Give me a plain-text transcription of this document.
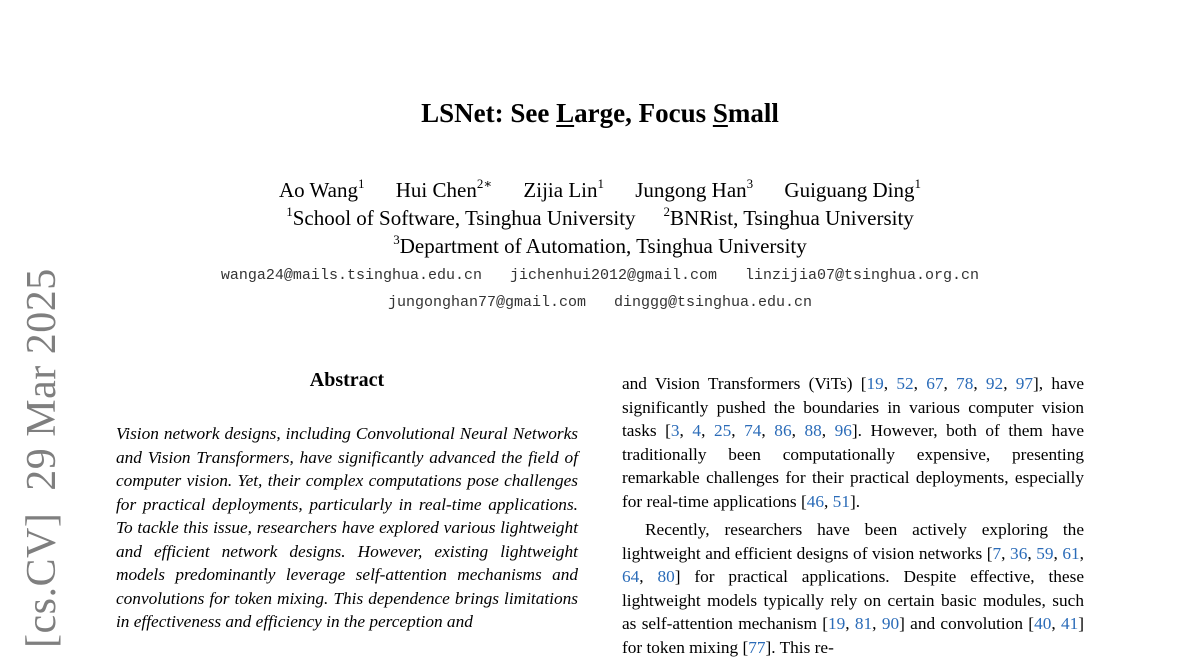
[cs.CV]29 Mar 2025
LSNet: See Large, Focus Small
Ao Wang$^1$ Hui Chen$^{2∗}$ Zijia Lin$^1$ Jungong Han$^3$ Guiguang Ding$^1$
$^1$School of Software, Tsinghua University $^2$BNRist, Tsinghua University
$^3$Department of Automation, Tsinghua University
wanga24@mails.tsinghua.edu.cn jichenhui2012@gmail.com linzijia07@tsinghua.org.cn
jungonghan77@gmail.com dinggg@tsinghua.edu.cn
Abstract
Vision network designs, including Convolutional Neural Networks and Vision Transformers, have significantly advanced the field of computer vision. Yet, their complex computations pose challenges for practical deployments, particularly in real-time applications. To tackle this issue, researchers have explored various lightweight and efficient network designs. However, existing lightweight models predominantly leverage self-attention mechanisms and convolutions for token mixing. This dependence brings limitations in effectiveness and efficiency in the perception and

and Vision Transformers (ViTs) [19, 52, 67, 78, 92, 97], have significantly pushed the boundaries in various computer vision tasks [3, 4, 25, 74, 86, 88, 96]. However, both of them have traditionally been computationally expensive, presenting remarkable challenges for their practical deployments, especially for real-time applications [46, 51].

Recently, researchers have been actively exploring the lightweight and efficient designs of vision networks [7, 36, 59, 61, 64, 80] for practical applications. Despite effective, these lightweight models typically rely on certain basic modules, such as self-attention mechanism [19, 81, 90] and convolution [40, 41] for token mixing [77]. This re-
